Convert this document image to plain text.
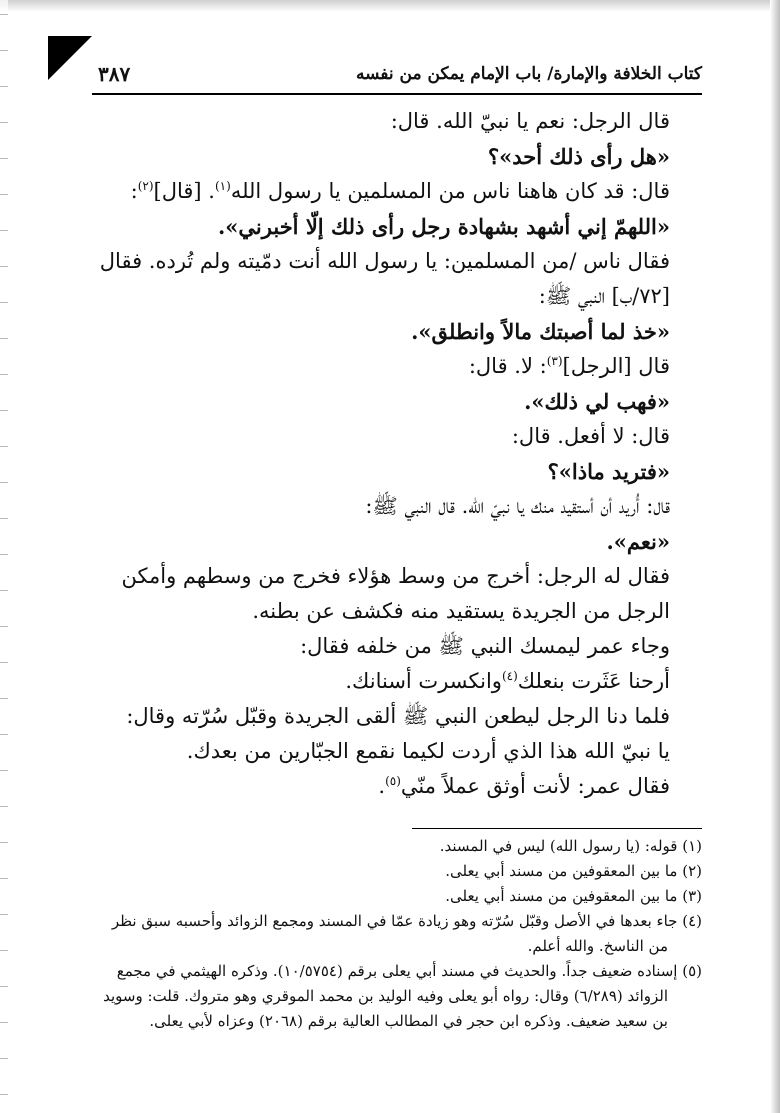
كتاب الخلافة والإمارة/ باب الإمام يمكن من نفسه
٣٨٧

قال الرجل: نعم يا نبيّ الله. قال:

«هل رأى ذلك أحد»؟

قال: قد كان هاهنا ناس من المسلمين يا رسول الله$^{(١)}$. [قال]$^{(٢)}$:

«اللهمّ إني أشهد بشهادة رجل رأى ذلك إلّا أخبرني».

فقال ناس /من المسلمين: يا رسول الله أنت دمّيته ولم تُرده. فقال [٧٢/ب] النبي ﷺ:

«خذ لما أصبتك مالاً وانطلق».

قال [الرجل]$^{(٣)}$: لا. قال:

«فهب لي ذلك».

قال: لا أفعل. قال:

«فتريد ماذا»؟

قال: أُريد أن أستقيد منك يا نبيّ الله. قال النبي ﷺ:

«نعم».

فقال له الرجل: أخرج من وسط هؤلاء فخرج من وسطهم وأمكن الرجل من الجريدة يستقيد منه فكشف عن بطنه.

وجاء عمر ليمسك النبي ﷺ من خلفه فقال:

أرحنا عَثَرت بنعلك$^{(٤)}$وانكسرت أسنانك.

فلما دنا الرجل ليطعن النبي ﷺ ألقى الجريدة وقبّل سُرّته وقال:

يا نبيّ الله هذا الذي أردت لكيما نقمع الجبّارين من بعدك.

فقال عمر: لأنت أوثق عملاً منّي$^{(٥)}$.

(١) قوله: (يا رسول الله) ليس في المسند.

(٢) ما بين المعقوفين من مسند أبي يعلى.

(٣) ما بين المعقوفين من مسند أبي يعلى.

(٤) جاء بعدها في الأصل وقبّل سُرّته وهو زيادة عمّا في المسند ومجمع الزوائد وأحسبه سبق نظر من الناسخ. والله أعلم.

(٥) إسناده ضعيف جداً. والحديث في مسند أبي يعلى برقم (١٠/٥٧٥٤). وذكره الهيثمي في مجمع الزوائد (٦/٢٨٩) وقال: رواه أبو يعلى وفيه الوليد بن محمد الموقري وهو متروك. قلت: وسويد بن سعيد ضعيف. وذكره ابن حجر في المطالب العالية برقم (٢٠٦٨) وعزاه لأبي يعلى.
